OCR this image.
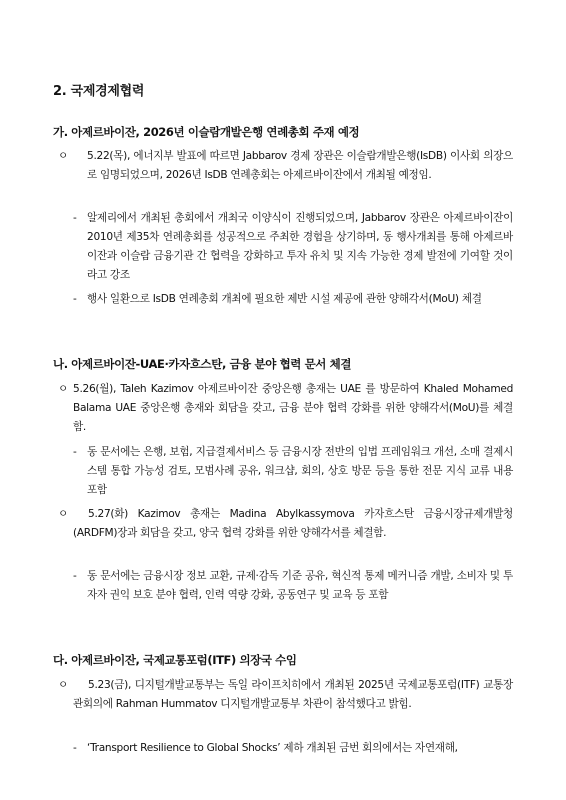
2. 국제경제협력
가. 아제르바이잔, 2026년 이슬람개발은행 연례총회 주재 예정
ㅇ 5.22(목), 에너지부 발표에 따르면 Jabbarov 경제 장관은 이슬람개발은행(IsDB) 이사회 의장으로 임명되었으며, 2026년 IsDB 연례총회는 아제르바이잔에서 개최될 예정임.

- 알제리에서 개최된 총회에서 개최국 이양식이 진행되었으며, Jabbarov 장관은 아제르바이잔이 2010년 제35차 연례총회를 성공적으로 주최한 경험을 상기하며, 동 행사개최를 통해 아제르바이잔과 이슬람 금융기관 간 협력을 강화하고 투자 유치 및 지속 가능한 경제 발전에 기여할 것이라고 강조

- 행사 일환으로 IsDB 연례총회 개최에 필요한 제반 시설 제공에 관한 양해각서(MoU) 체결

나. 아제르바이잔-UAE·카자흐스탄, 금융 분야 협력 문서 체결
ㅇ 5.26(월), Taleh Kazimov 아제르바이잔 중앙은행 총재는 UAE 를 방문하여 Khaled Mohamed Balama UAE 중앙은행 총재와 회담을 갖고, 금융 분야 협력 강화를 위한 양해각서(MoU)를 체결함.

- 동 문서에는 은행, 보험, 지급결제서비스 등 금융시장 전반의 입법 프레임워크 개선, 소매 결제시스템 통합 가능성 검토, 모범사례 공유, 워크샵, 회의, 상호 방문 등을 통한 전문 지식 교류 내용 포함

ㅇ	5.27(화) Kazimov 총재는 Madina Abylkassymova 카자흐스탄 금융시장규제개발청(ARDFM)장과 회담을 갖고, 양국 협력 강화를 위한 양해각서를 체결함.

- 동 문서에는 금융시장 정보 교환, 규제·감독 기준 공유, 혁신적 통제 메커니즘 개발, 소비자 및 투자자 권익 보호 분야 협력, 인력 역량 강화, 공동연구 및 교육 등 포함

다. 아제르바이잔, 국제교통포럼(ITF) 의장국 수임
ㅇ	5.23(금), 디지털개발교통부는 독일 라이프치히에서 개최된 2025년 국제교통포럼(ITF) 교통장관회의에 Rahman Hummatov 디지털개발교통부 차관이 참석했다고 밝힘.

- ‘Transport Resilience to Global Shocks’ 제하 개최된 금번 회의에서는 자연재해,
